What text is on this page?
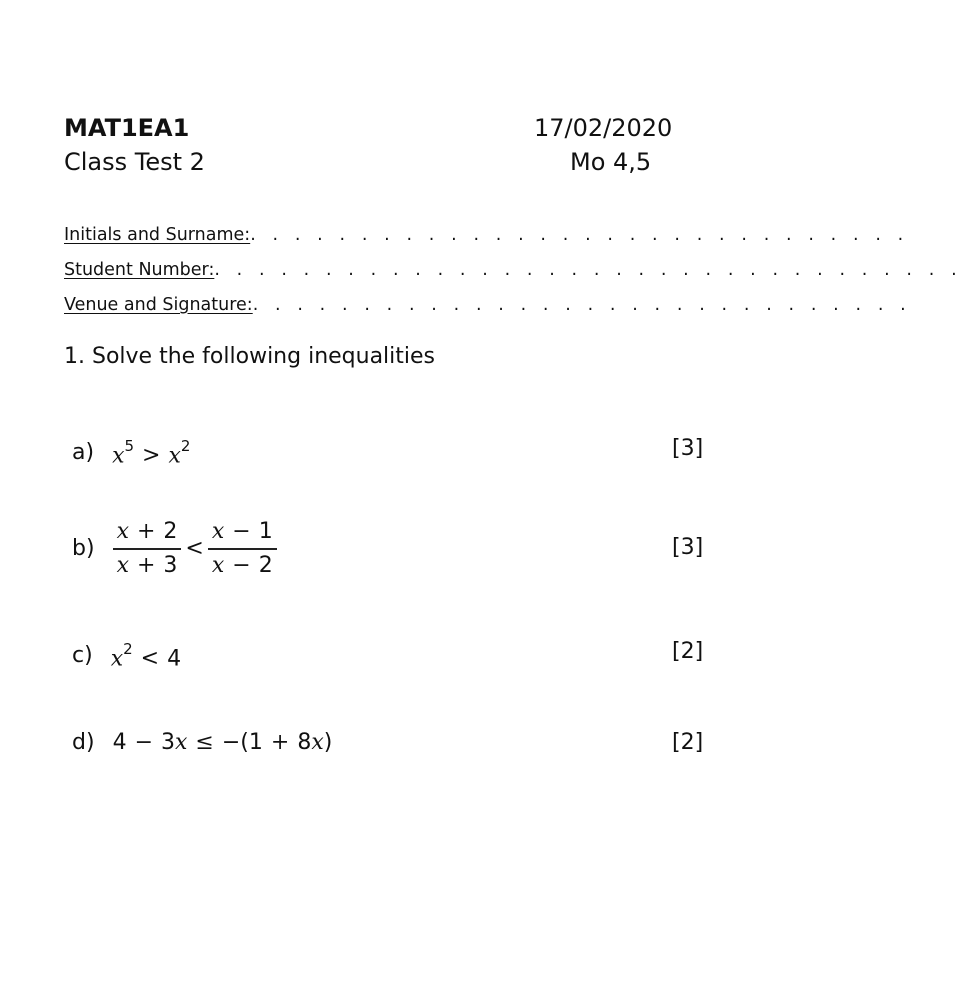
MAT1EA1
Class Test 2
17/02/2020
Mo 4,5
Initials and Surname:. . . . . . . . . . . . . . . . . . . . . . . . . . . . . .
Student Number:. . . . . . . . . . . . . . . . . . . . . . . . . . . . . . . . . .
Venue and Signature:. . . . . . . . . . . . . . . . . . . . . . . . . . . . . .
1. Solve the following inequalities
a) $x^5 > x^2$	[3]
$b) \frac{x + 2}{x + 3} < \frac{x - 1}{x - 2}$	[3]
c) $x^2 < 4$	[2]
d) 4 − 3x ≤ −(1 + 8x)	[2]
